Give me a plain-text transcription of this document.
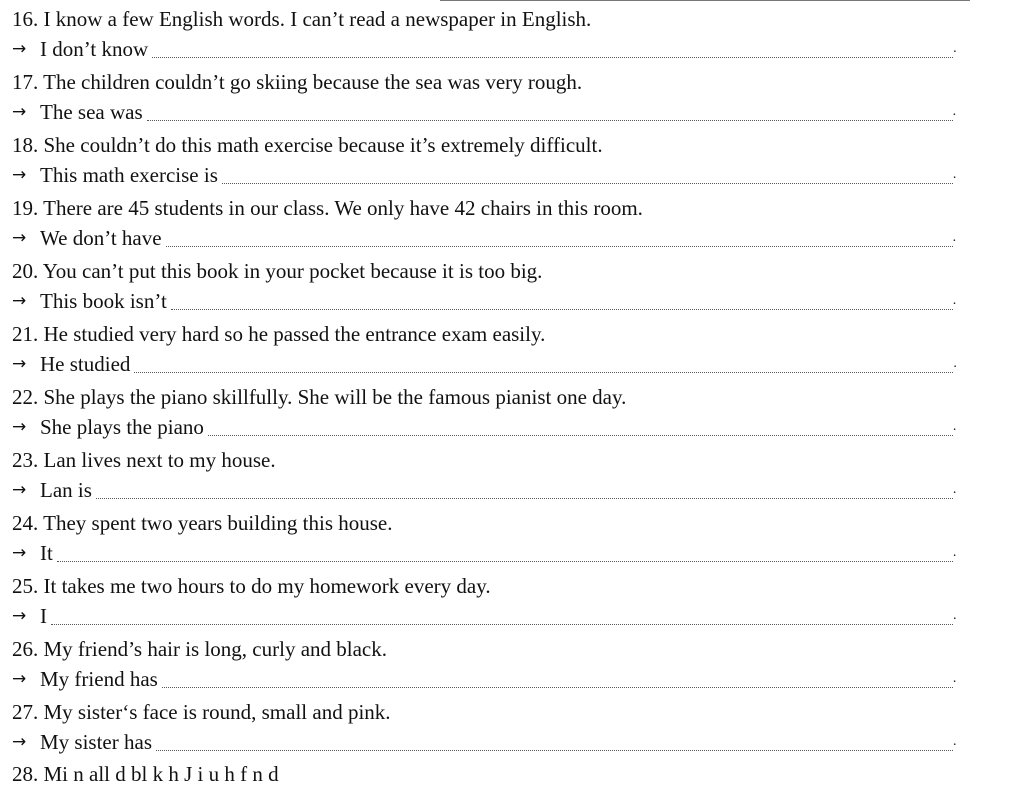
16. I know a few English words. I can’t read a newspaper in English.
→ I don’t know	.
17. The children couldn’t go skiing because the sea was very rough.
→ The sea was	.
18. She couldn’t do this math exercise because it’s extremely difficult.
→ This math exercise is	.
19. There are 45 students in our class. We only have 42 chairs in this room.
→ We don’t have	.
20. You can’t put this book in your pocket because it is too big.
→ This book isn’t	.
21. He studied very hard so he passed the entrance exam easily.
→ He studied	.
22. She plays the piano skillfully. She will be the famous pianist one day.
→ She plays the piano	.
23. Lan lives next to my house.
→ Lan is	.
24. They spent two years building this house.
→ It	.
25. It takes me two hours to do my homework every day.
→ I	.
26. My friend’s hair is long, curly and black.
→ My friend has	.
27. My sister‘s face is round, small and pink.
→ My sister has	.
28. Mi n all d bl k h J i u h f n d
